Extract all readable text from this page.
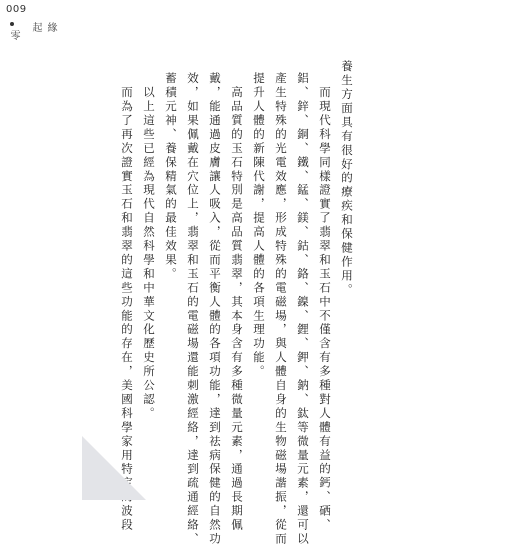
009
零	緣起
養生方面具有很好的療疾和保健作用。
　而現代科學同樣證實了翡翠和玉石中不僅含有多種對人體有益的鈣、硒、
鋁、鋅、銅、鐵、錳、鎂、鈷、鉻、鎳、鋰、鉀、鈉、鈦等微量元素，還可以
產生特殊的光電效應，形成特殊的電磁場，與人體自身的生物磁場諧振，從而
提升人體的新陳代謝，提高人體的各項生理功能。
　高品質的玉石特別是高品質翡翠，其本身含有多種微量元素，通過長期佩
戴，能通過皮膚讓人吸入，從而平衡人體的各項功能，達到祛病保健的自然功
效，如果佩戴在穴位上，翡翠和玉石的電磁場還能刺激經絡，達到疏通經絡、
蓄積元神、養保精氣的最佳效果。
　以上這些已經為現代自然科學和中華文化歷史所公認。
　而為了再次證實玉石和翡翠的這些功能的存在，美國科學家用特定的波段
